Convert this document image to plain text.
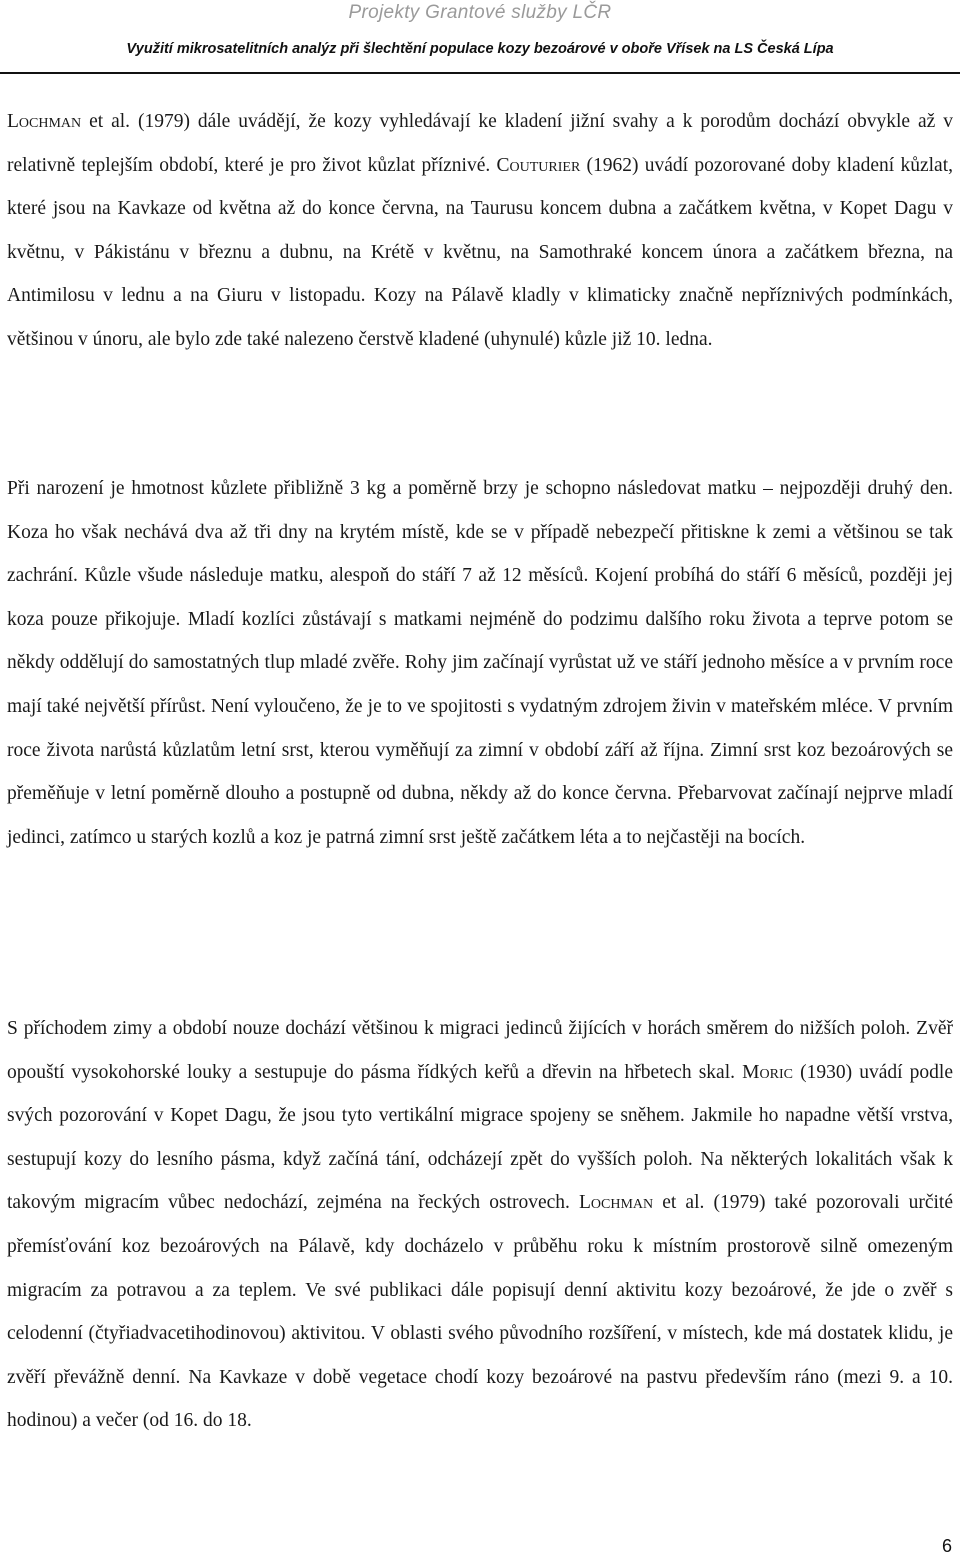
Projekty Grantové služby LČR
Využití mikrosatelitních analýz při šlechtění populace kozy bezoárové v oboře Vřísek na LS Česká Lípa

Lochman et al. (1979) dále uvádějí, že kozy vyhledávají ke kladení jižní svahy a k porodům dochází obvykle až v relativně teplejším období, které je pro život kůzlat příznivé. Couturier (1962) uvádí pozorované doby kladení kůzlat, které jsou na Kavkaze od května až do konce června, na Taurusu koncem dubna a začátkem května, v Kopet Dagu v květnu, v Pákistánu v březnu a dubnu, na Krétě v květnu, na Samothraké koncem února a začátkem března, na Antimilosu v lednu a na Giuru v listopadu. Kozy na Pálavě kladly v klimaticky značně nepříznivých podmínkách, většinou v únoru, ale bylo zde také nalezeno čerstvě kladené (uhynulé) kůzle již 10. ledna.

Při narození je hmotnost kůzlete přibližně 3 kg a poměrně brzy je schopno následovat matku – nejpozději druhý den. Koza ho však nechává dva až tři dny na krytém místě, kde se v případě nebezpečí přitiskne k zemi a většinou se tak zachrání. Kůzle všude následuje matku, alespoň do stáří 7 až 12 měsíců. Kojení probíhá do stáří 6 měsíců, později jej koza pouze přikojuje. Mladí kozlíci zůstávají s matkami nejméně do podzimu dalšího roku života a teprve potom se někdy oddělují do samostatných tlup mladé zvěře. Rohy jim začínají vyrůstat už ve stáří jednoho měsíce a v prvním roce mají také největší přírůst. Není vyloučeno, že je to ve spojitosti s vydatným zdrojem živin v mateřském mléce. V prvním roce života narůstá kůzlatům letní srst, kterou vyměňují za zimní v období září až října. Zimní srst koz bezoárových se přeměňuje v letní poměrně dlouho a postupně od dubna, někdy až do konce června. Přebarvovat začínají nejprve mladí jedinci, zatímco u starých kozlů a koz je patrná zimní srst ještě začátkem léta a to nejčastěji na bocích.

S příchodem zimy a období nouze dochází většinou k migraci jedinců žijících v horách směrem do nižších poloh. Zvěř opouští vysokohorské louky a sestupuje do pásma řídkých keřů a dřevin na hřbetech skal. Moric (1930) uvádí podle svých pozorování v Kopet Dagu, že jsou tyto vertikální migrace spojeny se sněhem. Jakmile ho napadne větší vrstva, sestupují kozy do lesního pásma, když začíná tání, odcházejí zpět do vyšších poloh. Na některých lokalitách však k takovým migracím vůbec nedochází, zejména na řeckých ostrovech. Lochman et al. (1979) také pozorovali určité přemísťování koz bezoárových na Pálavě, kdy docházelo v průběhu roku k místním prostorově silně omezeným migracím za potravou a za teplem. Ve své publikaci dále popisují denní aktivitu kozy bezoárové, že jde o zvěř s celodenní (čtyřiadvacetihodinovou) aktivitou. V oblasti svého původního rozšíření, v místech, kde má dostatek klidu, je zvěří převážně denní. Na Kavkaze v době vegetace chodí kozy bezoárové na pastvu především ráno (mezi 9. a 10. hodinou) a večer (od 16. do 18.

6
